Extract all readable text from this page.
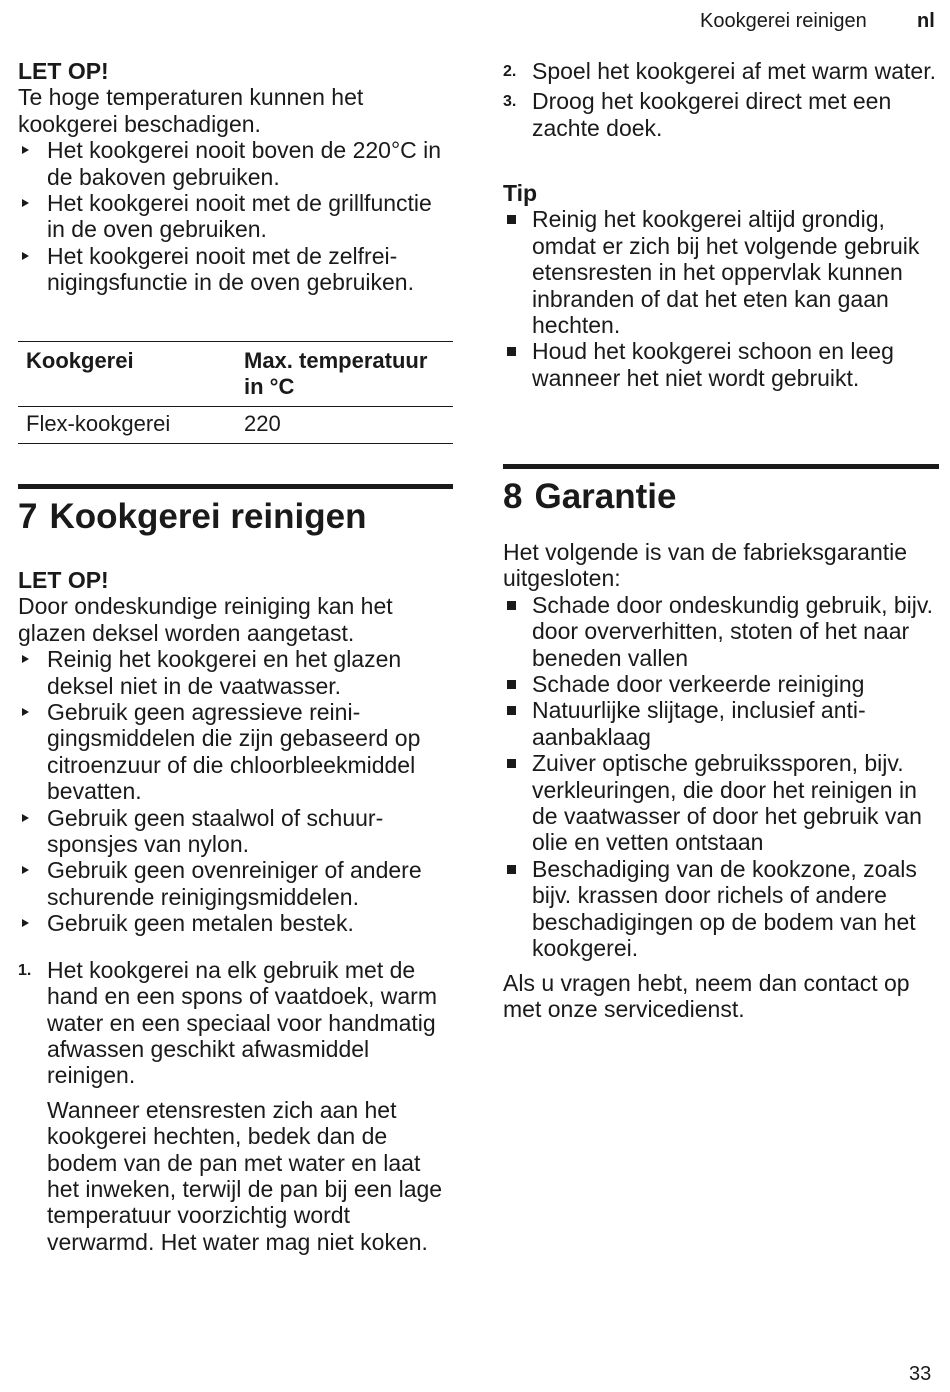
Kookgerei reinigen	nl

LET OP!

Te hoge temperaturen kunnen het kookgerei beschadigen.

Het kookgerei nooit boven de 220°C in de bakoven gebruiken.
Het kookgerei nooit met de grillfunctie in de oven gebruiken.
Het kookgerei nooit met de zelfreinigingsfunctie in de oven gebruiken.
Kookgerei	Max. temperatuur in °C
Flex-kookgerei	220
7 Kookgerei reinigen

LET OP!

Door ondeskundige reiniging kan het glazen deksel worden aangetast.

Reinig het kookgerei en het glazen deksel niet in de vaatwasser.
Gebruik geen agressieve reinigingsmiddelen die zijn gebaseerd op citroenzuur of die chloorbleekmiddel bevatten.
Gebruik geen staalwol of schuursponsjes van nylon.
Gebruik geen ovenreiniger of andere schurende reinigingsmiddelen.
Gebruik geen metalen bestek.
1. Het kookgerei na elk gebruik met de hand en een spons of vaatdoek, warm water en een speciaal voor handmatig afwassen geschikt afwasmiddel reinigen.
Wanneer etensresten zich aan het kookgerei hechten, bedek dan de bodem van de pan met water en laat het inweken, terwijl de pan bij een lage temperatuur voorzichtig wordt verwarmd. Het water mag niet koken.
2. Spoel het kookgerei af met warm water.
3. Droog het kookgerei direct met een zachte doek.

Tip

Reinig het kookgerei altijd grondig, omdat er zich bij het volgende gebruik etensresten in het oppervlak kunnen inbranden of dat het eten kan gaan hechten.
Houd het kookgerei schoon en leeg wanneer het niet wordt gebruikt.
8 Garantie

Het volgende is van de fabrieksgarantie uitgesloten:

Schade door ondeskundig gebruik, bijv. door oververhitten, stoten of het naar beneden vallen
Schade door verkeerde reiniging
Natuurlijke slijtage, inclusief antiaanbaklaag
Zuiver optische gebruikssporen, bijv. verkleuringen, die door het reinigen in de vaatwasser of door het gebruik van olie en vetten ontstaan
Beschadiging van de kookzone, zoals bijv. krassen door richels of andere beschadigingen op de bodem van het kookgerei.

Als u vragen hebt, neem dan contact op met onze servicedienst.

33
